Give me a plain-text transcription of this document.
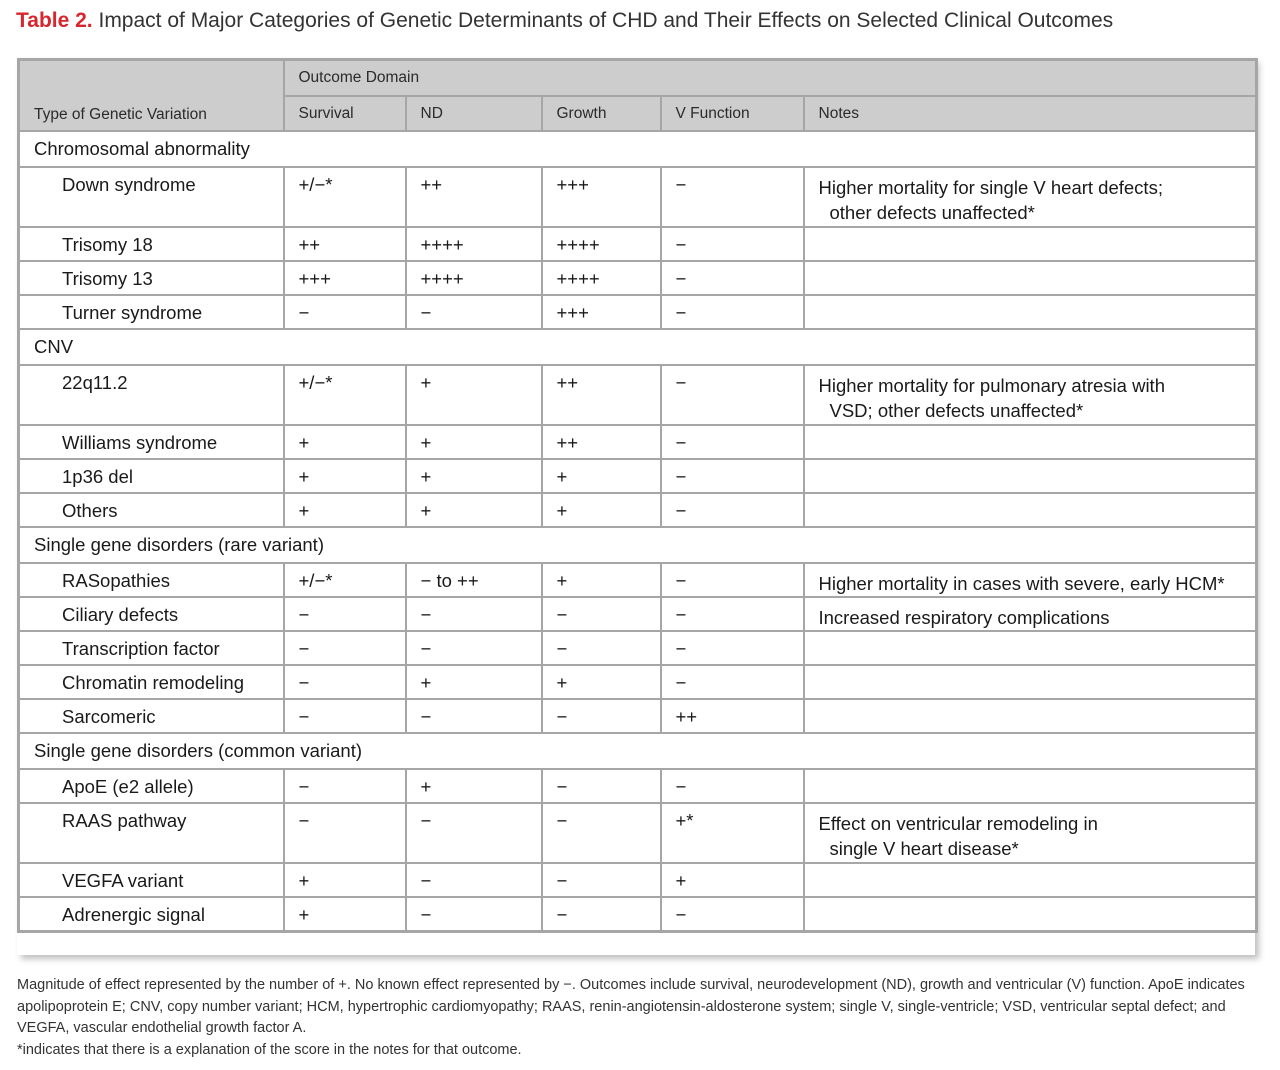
Table 2. Impact of Major Categories of Genetic Determinants of CHD and Their Effects on Selected Clinical Outcomes
Type of Genetic Variation	Outcome Domain				
	Survival	ND	Growth	V Function	Notes
Chromosomal abnormality					
Down syndrome	+/−*	++	+++	−	Higher mortality for single V heart defects;
other defects unaffected*

Trisomy 18	++	++++	++++	−	

Trisomy 13	+++	++++	++++	−	

Turner syndrome	−	−	+++	−	

CNV					
22q11.2	+/−*	+	++	−	Higher mortality for pulmonary atresia with
VSD; other defects unaffected*

Williams syndrome	+	+	++	−	

1p36 del	+	+	+	−	

Others	+	+	+	−	

Single gene disorders (rare variant)					
RASopathies	+/−*	− to ++	+	−	Higher mortality in cases with severe, early HCM*

Ciliary defects	−	−	−	−	Increased respiratory complications

Transcription factor	−	−	−	−	

Chromatin remodeling	−	+	+	−	

Sarcomeric	−	−	−	++	

Single gene disorders (common variant)					
ApoE (e2 allele)	−	+	−	−	

RAAS pathway	−	−	−	+*	Effect on ventricular remodeling in
single V heart disease*

VEGFA variant	+	−	−	+	

Adrenergic signal	+	−	−	−	

Magnitude of effect represented by the number of +. No known effect represented by −. Outcomes include survival, neurodevelopment (ND), growth and ventricular (V) function. ApoE indicates apolipoprotein E; CNV, copy number variant; HCM, hypertrophic cardiomyopathy; RAAS, renin-angiotensin-aldosterone system; single V, single-ventricle; VSD, ventricular septal defect; and VEGFA, vascular endothelial growth factor A.

*indicates that there is a explanation of the score in the notes for that outcome.
